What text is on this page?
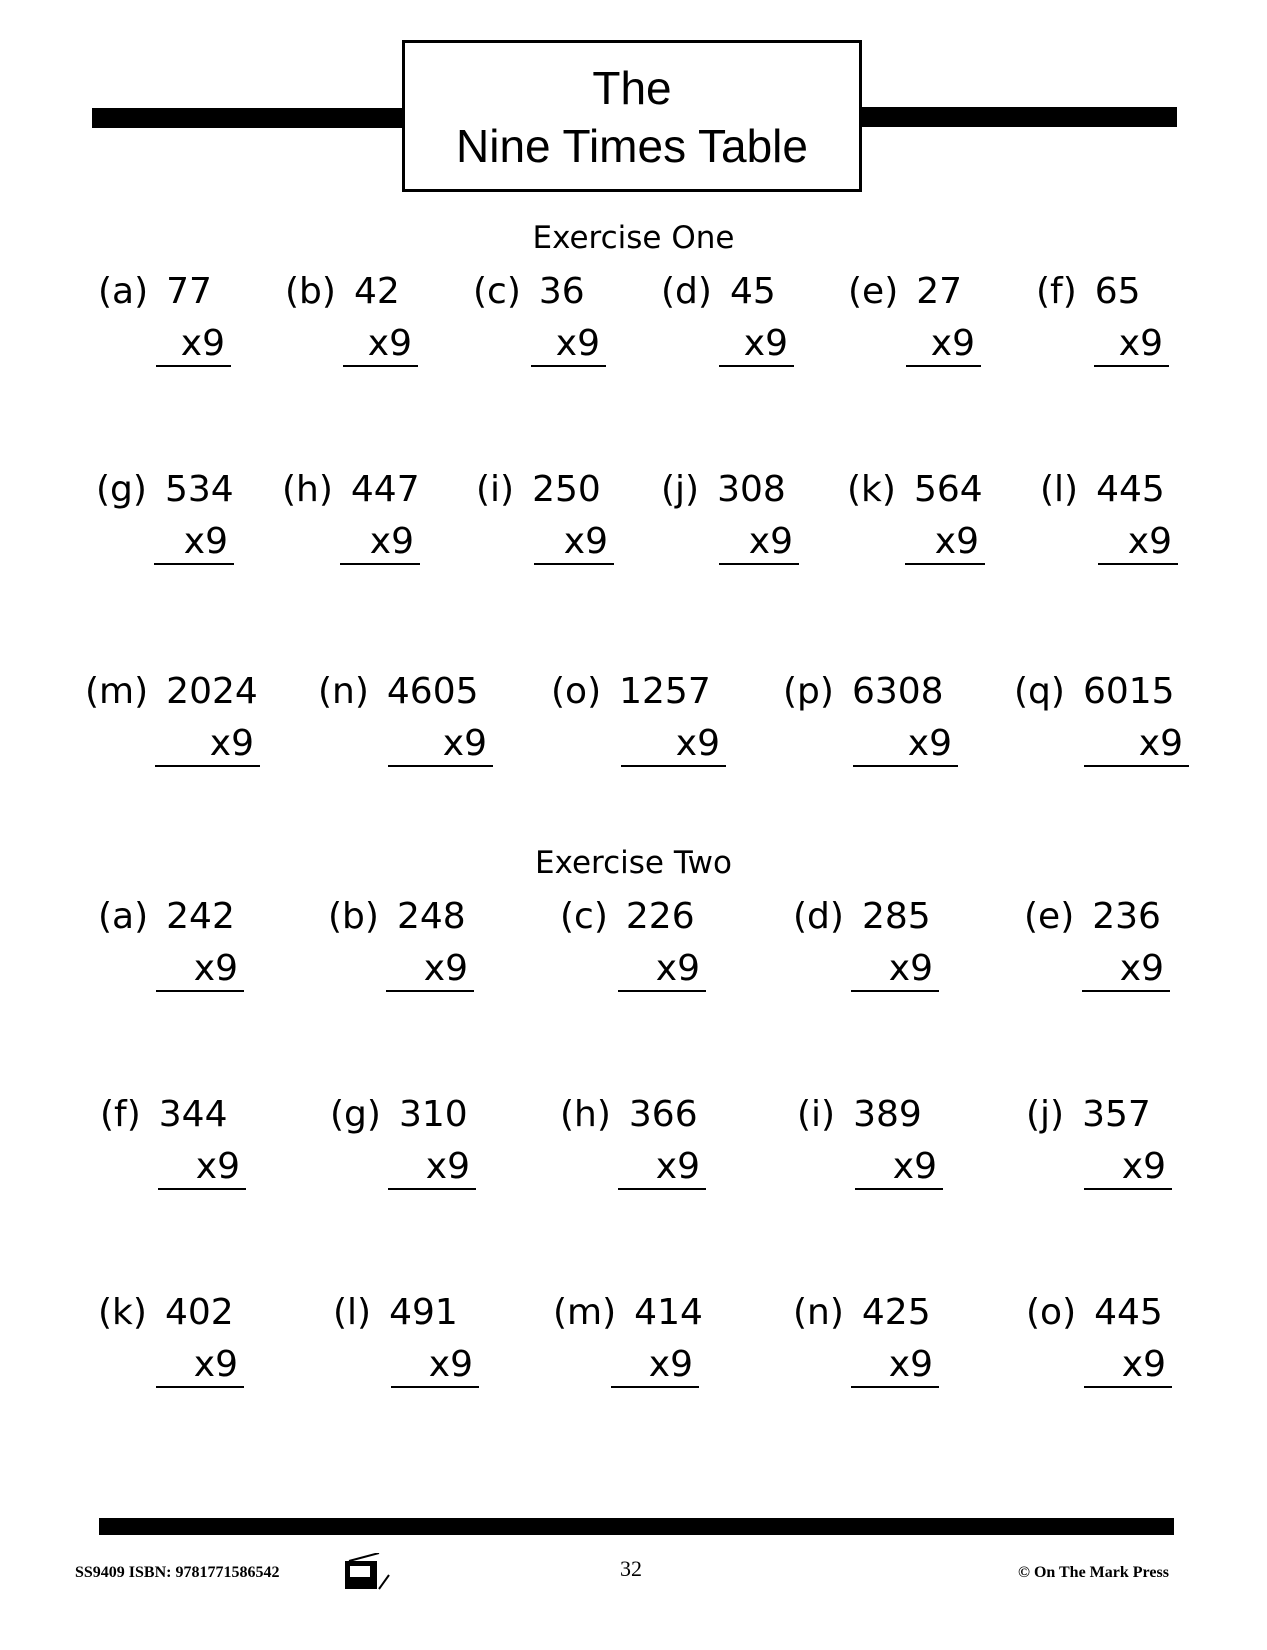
The
Nine Times Table
Exercise One
(a) 77
x9
(b) 42
x9
(c) 36
x9
(d) 45
x9
(e) 27
x9
(f) 65
x9
(g) 534
x9
(h) 447
x9
(i) 250
x9
(j) 308
x9
(k) 564
x9
(l) 445
x9
(m) 2024
x9
(n) 4605
x9
(o) 1257
x9
(p) 6308
x9
(q) 6015
x9
Exercise Two
(a) 242
x9
(b) 248
x9
(c) 226
x9
(d) 285
x9
(e) 236
x9
(f) 344
x9
(g) 310
x9
(h) 366
x9
(i) 389
x9
(j) 357
x9
(k) 402
x9
(l) 491
x9
(m) 414
x9
(n) 425
x9
(o) 445
x9
SS9409 ISBN: 9781771586542	32	© On The Mark Press
